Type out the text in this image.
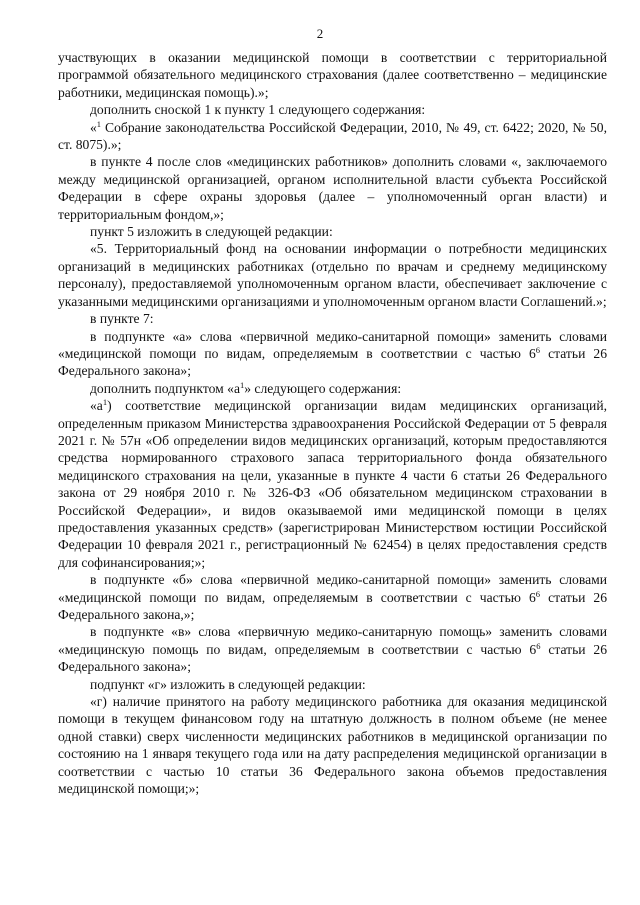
2

участвующих в оказании медицинской помощи в соответствии с территориальной программой обязательного медицинского страхования (далее соответственно – медицинские работники, медицинская помощь).»;

дополнить сноской 1 к пункту 1 следующего содержания:

«$^1$ Собрание законодательства Российской Федерации, 2010, № 49, ст. 6422; 2020, № 50, ст. 8075).»;

в пункте 4 после слов «медицинских работников» дополнить словами «, заключаемого между медицинской организацией, органом исполнительной власти субъекта Российской Федерации в сфере охраны здоровья (далее – уполномоченный орган власти) и территориальным фондом,»;

пункт 5 изложить в следующей редакции:

«5. Территориальный фонд на основании информации о потребности медицинских организаций в медицинских работниках (отдельно по врачам и среднему медицинскому персоналу), предоставляемой уполномоченным органом власти, обеспечивает заключение с указанными медицинскими организациями и уполномоченным органом власти Соглашений.»;

в пункте 7:

в подпункте «а» слова «первичной медико-санитарной помощи» заменить словами «медицинской помощи по видам, определяемым в соответствии с частью $6^6$ статьи 26 Федерального закона»;

дополнить подпунктом «$а^1$» следующего содержания:

«$а^1$) соответствие медицинской организации видам медицинских организаций, определенным приказом Министерства здравоохранения Российской Федерации от 5 февраля 2021 г. № 57н «Об определении видов медицинских организаций, которым предоставляются средства нормированного страхового запаса территориального фонда обязательного медицинского страхования на цели, указанные в пункте 4 части 6 статьи 26 Федерального закона от 29 ноября 2010 г. № 326-ФЗ «Об обязательном медицинском страховании в Российской Федерации», и видов оказываемой ими медицинской помощи в целях предоставления указанных средств» (зарегистрирован Министерством юстиции Российской Федерации 10 февраля 2021 г., регистрационный № 62454) в целях предоставления средств для софинансирования;»;

в подпункте «б» слова «первичной медико-санитарной помощи» заменить словами «медицинской помощи по видам, определяемым в соответствии с частью $6^6$ статьи 26 Федерального закона,»;

в подпункте «в» слова «первичную медико-санитарную помощь» заменить словами «медицинскую помощь по видам, определяемым в соответствии с частью $6^6$ статьи 26 Федерального закона»;

подпункт «г» изложить в следующей редакции:

«г) наличие принятого на работу медицинского работника для оказания медицинской помощи в текущем финансовом году на штатную должность в полном объеме (не менее одной ставки) сверх численности медицинских работников в медицинской организации по состоянию на 1 января текущего года или на дату распределения медицинской организации в соответствии с частью 10 статьи 36 Федерального закона объемов предоставления медицинской помощи;»;
